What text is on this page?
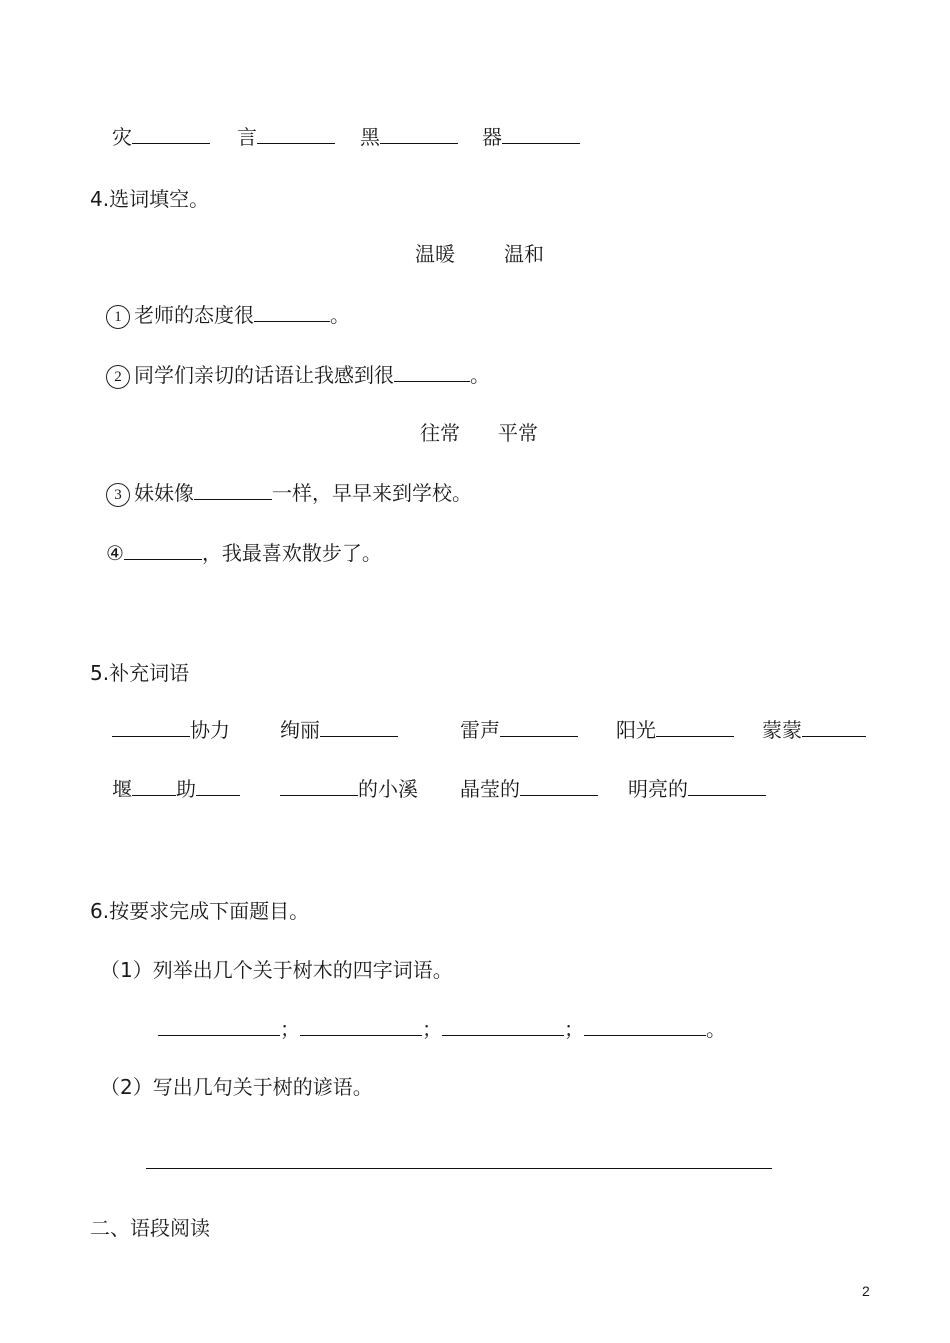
灾	言	黑	器
4.选词填空。
温暖 温和
1 老师的态度很	。
2 同学们亲切的话语让我感到很	。
往常 平常
3 妹妹像	一样，早早来到学校。
④	，我最喜欢散步了。
5.补充词语
协力	绚丽	雷声	阳光	蒙蒙
堰 助	的小溪 晶莹的	明亮的
6.按要求完成下面题目。
（1）列举出几个关于树木的四字词语。
；	；	；	。
（2）写出几句关于树的谚语。
二、语段阅读
2
